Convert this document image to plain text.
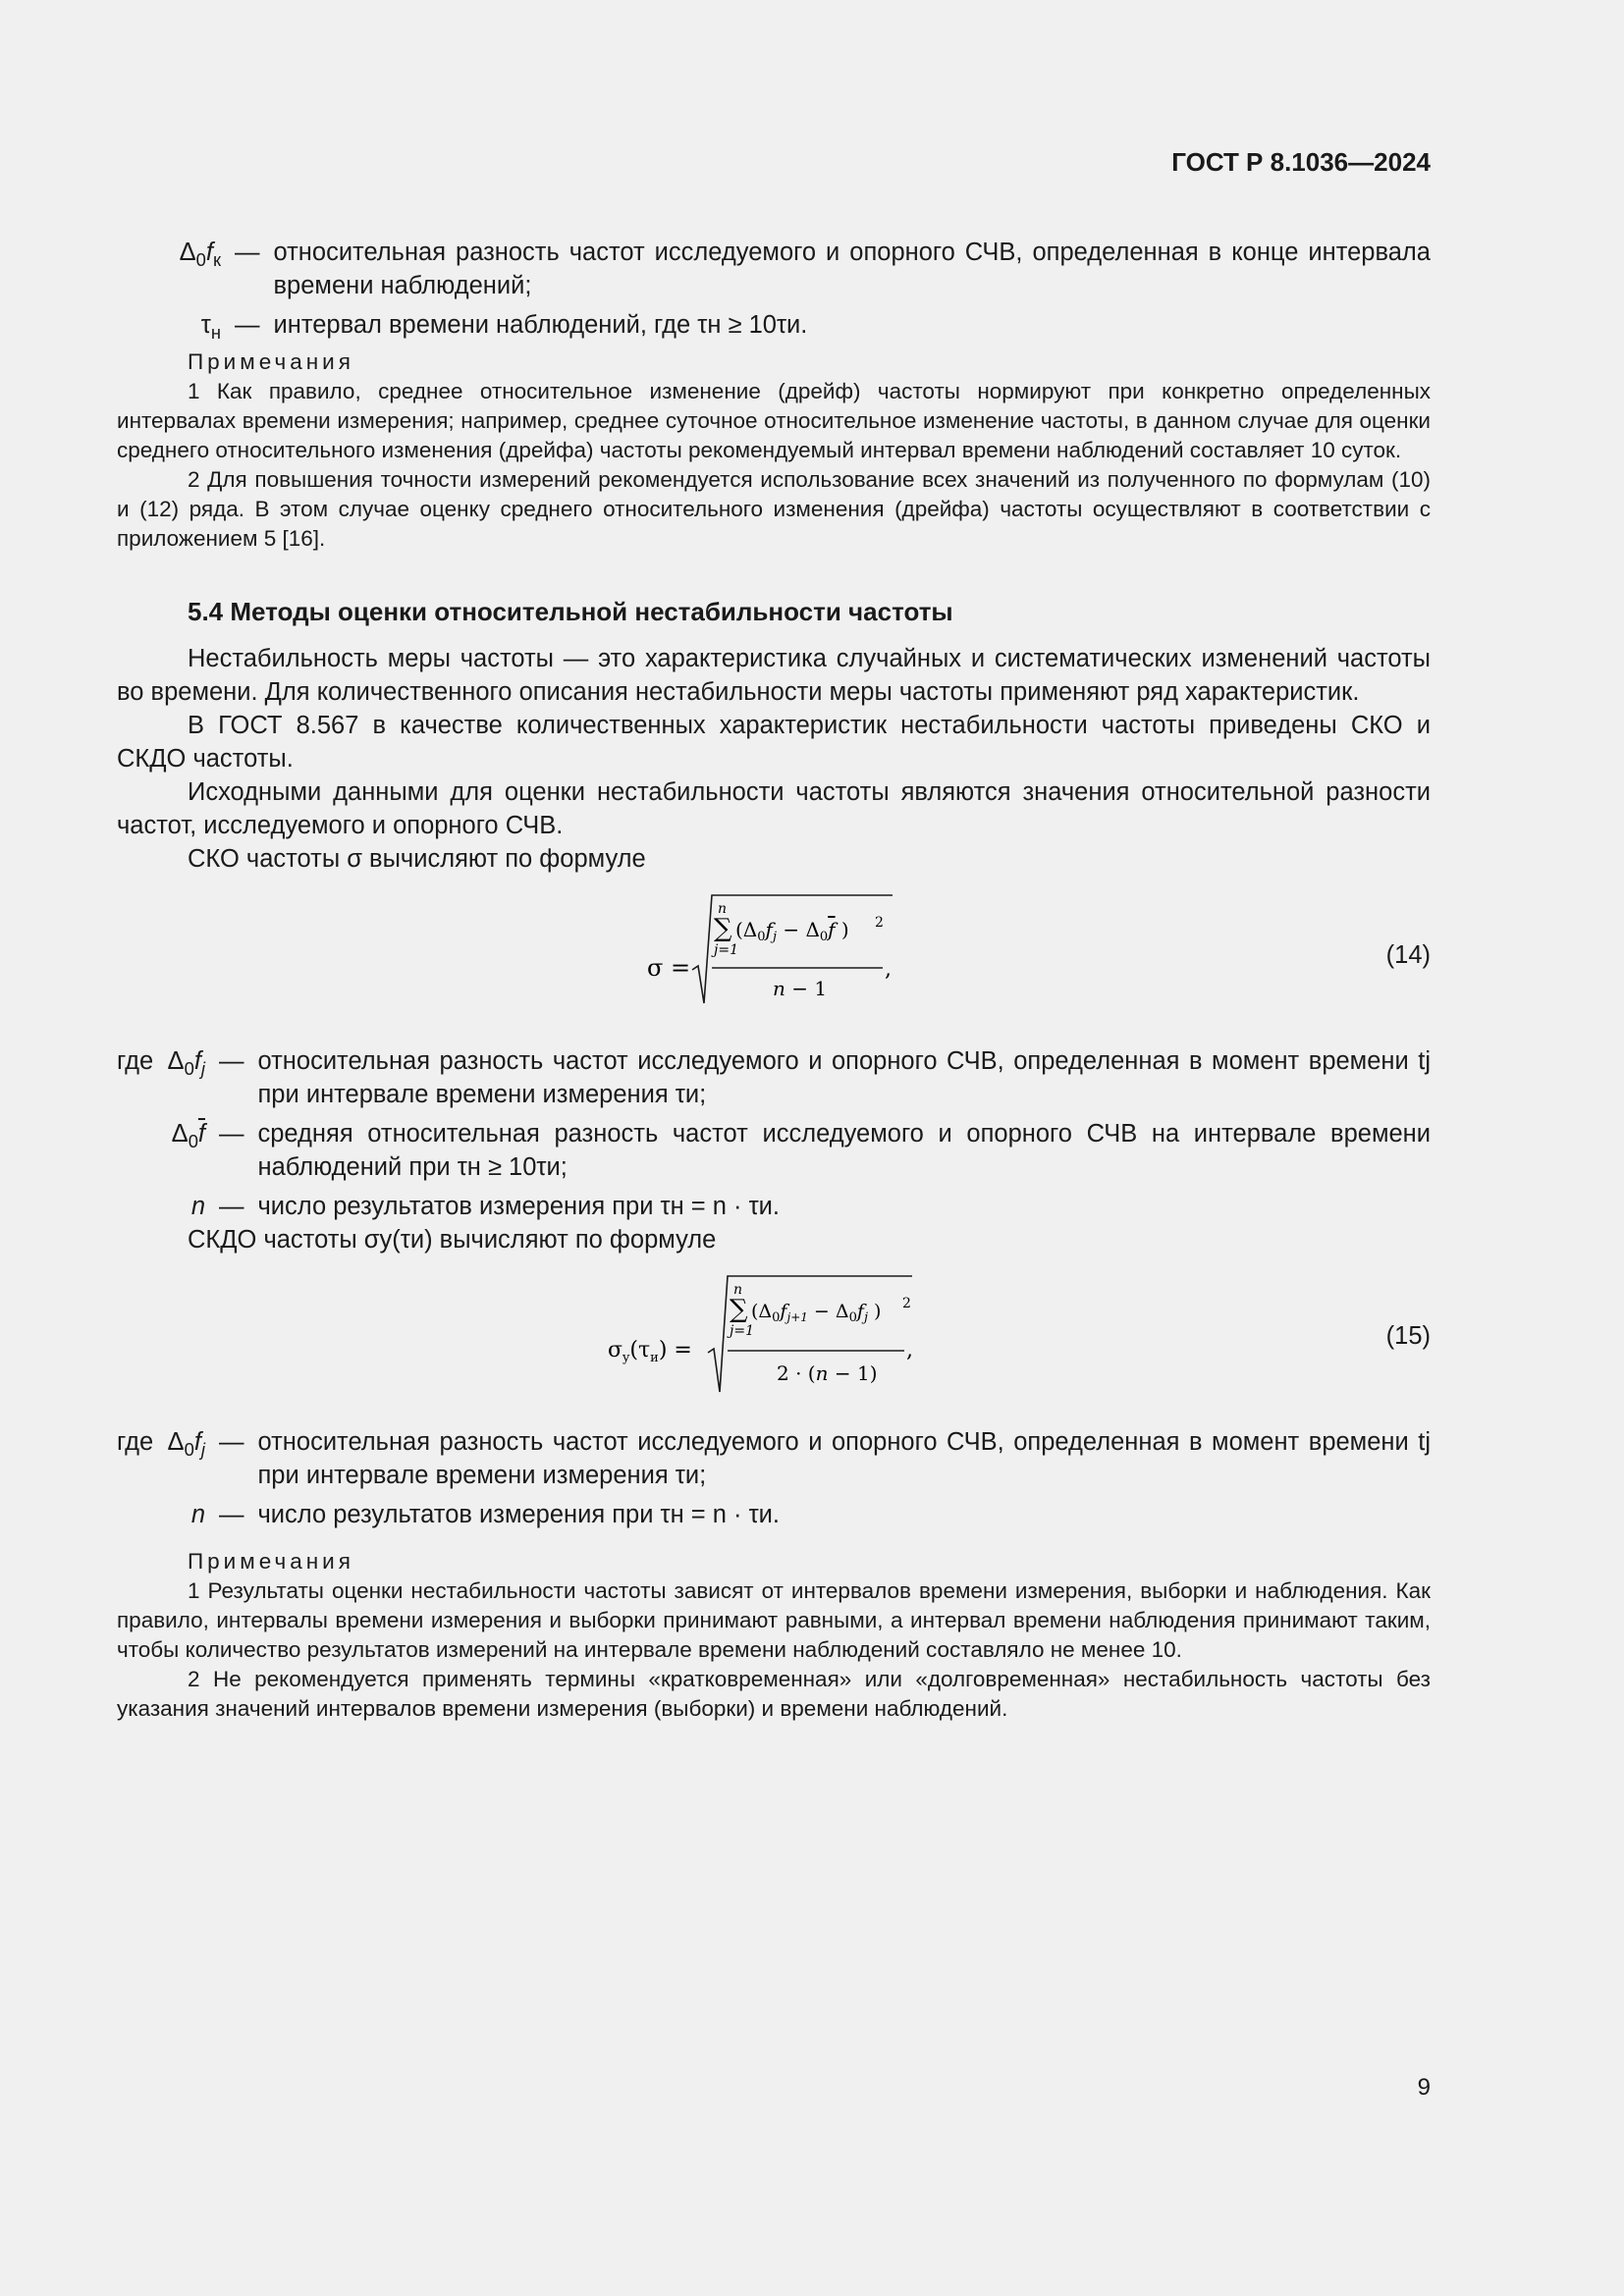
ГОСТ Р 8.1036—2024
$\Delta_0f_к$ — относительная разность частот исследуемого и опорного СЧВ, определенная в конце интервала времени наблюдений;
$\tau_н$ — интервал времени наблюдений, где τн ≥ 10τи.
Примечания
1 Как правило, среднее относительное изменение (дрейф) частоты нормируют при конкретно определенных интервалах времени измерения; например, среднее суточное относительное изменение частоты, в данном случае для оценки среднего относительного изменения (дрейфа) частоты рекомендуемый интервал времени наблюдений составляет 10 суток.
2 Для повышения точности измерений рекомендуется использование всех значений из полученного по формулам (10) и (12) ряда. В этом случае оценку среднего относительного изменения (дрейфа) частоты осуществляют в соответствии с приложением 5 [16].
5.4 Методы оценки относительной нестабильности частоты
Нестабильность меры частоты — это характеристика случайных и систематических изменений частоты во времени. Для количественного описания нестабильности меры частоты применяют ряд характеристик.
В ГОСТ 8.567 в качестве количественных характеристик нестабильности частоты приведены СКО и СКДО частоты.
Исходными данными для оценки нестабильности частоты являются значения относительной разности частот, исследуемого и опорного СЧВ.
СКО частоты σ вычисляют по формуле
σ =
n
∑
j=1
($\Delta_0f_j - \Delta_0f$ ) 2
n − 1
,
(14)
где $\Delta_0f_j$ — относительная разность частот исследуемого и опорного СЧВ, определенная в момент времени tj при интервале времени измерения τи;
$\Delta_0\overline{f}$ — средняя относительная разность частот исследуемого и опорного СЧВ на интервале времени наблюдений при τн ≥ 10τи;
n — число результатов измерения при τн = n · τи.
СКДО частоты σy(τи) вычисляют по формуле
$\sigma_y(\tau_и)$ =
n
∑
j=1
($\Delta_0f_{j+1} - \Delta_0f_j$ ) 2
2 · (n − 1)
,
(15)
где $\Delta_0f_j$ — относительная разность частот исследуемого и опорного СЧВ, определенная в момент времени tj при интервале времени измерения τи;
n — число результатов измерения при τн = n · τи.
Примечания
1 Результаты оценки нестабильности частоты зависят от интервалов времени измерения, выборки и наблюдения. Как правило, интервалы времени измерения и выборки принимают равными, а интервал времени наблюдения принимают таким, чтобы количество результатов измерений на интервале времени наблюдений составляло не менее 10.
2 Не рекомендуется применять термины «кратковременная» или «долговременная» нестабильность частоты без указания значений интервалов времени измерения (выборки) и времени наблюдений.
9
